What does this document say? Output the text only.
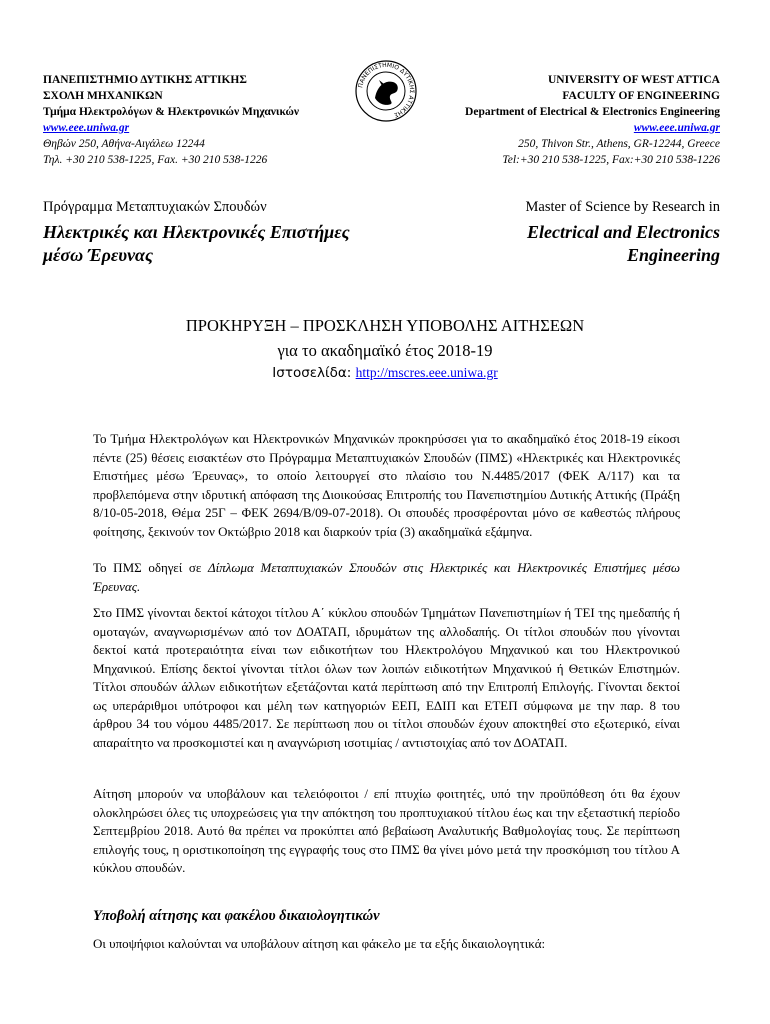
ΠΑΝΕΠΙΣΤΗΜΙΟ ΔΥΤΙΚΗΣ ΑΤΤΙΚΗΣ
ΣΧΟΛΗ ΜΗΧΑΝΙΚΩΝ
Τμήμα Ηλεκτρολόγων & Ηλεκτρονικών Μηχανικών
www.eee.uniwa.gr
Θηβών 250, Αθήνα-Αιγάλεω 12244
Τηλ. +30 210 538-1225, Fax. +30 210 538-1226
ΠΑΝΕΠΙΣΤΗΜΙΟ ΔΥΤΙΚΗΣ ΑΤΤΙΚΗΣ
UNIVERSITY OF WEST ATTICA
FACULTY OF ENGINEERING
Department of Electrical & Electronics Engineering
www.eee.uniwa.gr
250, Thivon Str., Athens, GR-12244, Greece
Tel:+30 210 538-1225, Fax:+30 210 538-1226
Πρόγραμμα Μεταπτυχιακών Σπουδών
Ηλεκτρικές και Ηλεκτρονικές Επιστήμες
μέσω Έρευνας
Master of Science by Research in
Electrical and Electronics
Engineering
ΠΡΟΚΗΡΥΞΗ – ΠΡΟΣΚΛΗΣΗ ΥΠΟΒΟΛΗΣ ΑΙΤΗΣΕΩΝ
για το ακαδημαϊκό έτος 2018-19
Ιστοσελίδα: http://mscres.eee.uniwa.gr
Το Τμήμα Ηλεκτρολόγων και Ηλεκτρονικών Μηχανικών προκηρύσσει για το ακαδημαϊκό έτος 2018-19 είκοσι πέντε (25) θέσεις εισακτέων στο Πρόγραμμα Μεταπτυχιακών Σπουδών (ΠΜΣ) «Ηλεκτρικές και Ηλεκτρονικές Επιστήμες μέσω Έρευνας», το οποίο λειτουργεί στο πλαίσιο του Ν.4485/2017 (ΦΕΚ Α/117) και τα προβλεπόμενα στην ιδρυτική απόφαση της Διοικούσας Επιτροπής του Πανεπιστημίου Δυτικής Αττικής (Πράξη 8/10-05-2018, Θέμα 25Γ – ΦΕΚ 2694/Β/09-07-2018). Οι σπουδές προσφέρονται μόνο σε καθεστώς πλήρους φοίτησης, ξεκινούν τον Οκτώβριο 2018 και διαρκούν τρία (3) ακαδημαϊκά εξάμηνα.
Το ΠΜΣ οδηγεί σε Δίπλωμα Μεταπτυχιακών Σπουδών στις Ηλεκτρικές και Ηλεκτρονικές Επιστήμες μέσω Έρευνας.
Στο ΠΜΣ γίνονται δεκτοί κάτοχοι τίτλου Α΄ κύκλου σπουδών Τμημάτων Πανεπιστημίων ή ΤΕΙ της ημεδαπής ή ομοταγών, αναγνωρισμένων από τον ΔΟΑΤΑΠ, ιδρυμάτων της αλλοδαπής. Οι τίτλοι σπουδών που γίνονται δεκτοί κατά προτεραιότητα είναι των ειδικοτήτων του Ηλεκτρολόγου Μηχανικού και του Ηλεκτρονικού Μηχανικού. Επίσης δεκτοί γίνονται τίτλοι όλων των λοιπών ειδικοτήτων Μηχανικού ή Θετικών Επιστημών. Τίτλοι σπουδών άλλων ειδικοτήτων εξετάζονται κατά περίπτωση από την Επιτροπή Επιλογής. Γίνονται δεκτοί ως υπεράριθμοι υπότροφοι και μέλη των κατηγοριών ΕΕΠ, ΕΔΙΠ και ΕΤΕΠ σύμφωνα με την παρ. 8 του άρθρου 34 του νόμου 4485/2017. Σε περίπτωση που οι τίτλοι σπουδών έχουν αποκτηθεί στο εξωτερικό, είναι απαραίτητο να προσκομιστεί και η αναγνώριση ισοτιμίας / αντιστοιχίας από τον ΔΟΑΤΑΠ.
Αίτηση μπορούν να υποβάλουν και τελειόφοιτοι / επί πτυχίω φοιτητές, υπό την προϋπόθεση ότι θα έχουν ολοκληρώσει όλες τις υποχρεώσεις για την απόκτηση του προπτυχιακού τίτλου έως και την εξεταστική περίοδο Σεπτεμβρίου 2018. Αυτό θα πρέπει να προκύπτει από βεβαίωση Αναλυτικής Βαθμολογίας τους. Σε περίπτωση επιλογής τους, η οριστικοποίηση της εγγραφής τους στο ΠΜΣ θα γίνει μόνο μετά την προσκόμιση του τίτλου Α κύκλου σπουδών.
Υποβολή αίτησης και φακέλου δικαιολογητικών
Οι υποψήφιοι καλούνται να υποβάλουν αίτηση και φάκελο με τα εξής δικαιολογητικά:
